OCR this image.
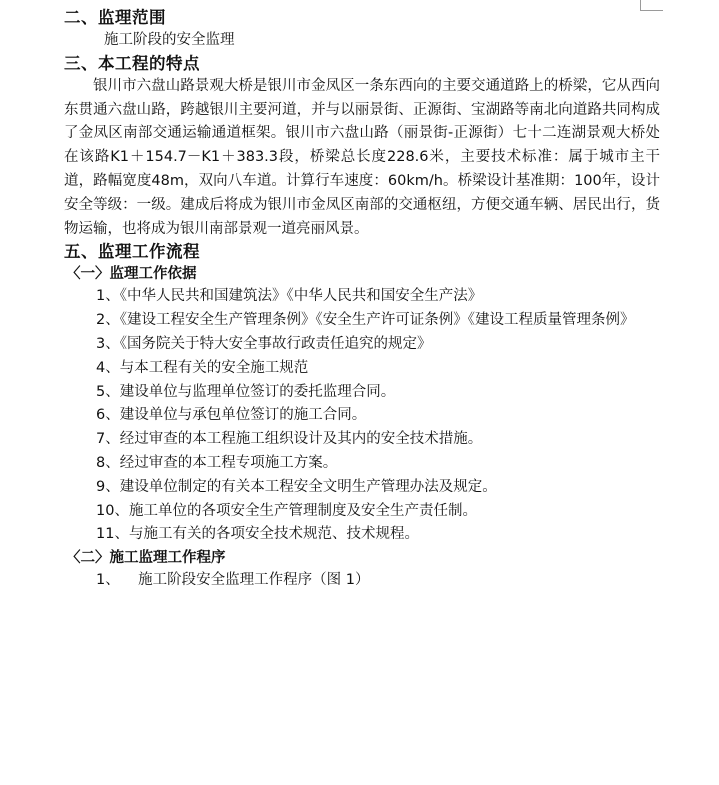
二、监理范围
施工阶段的安全监理
三、本工程的特点
银川市六盘山路景观大桥是银川市金凤区一条东西向的主要交通道路上的桥梁，它从西向东贯通六盘山路，跨越银川主要河道，并与以丽景街、正源街、宝湖路等南北向道路共同构成了金凤区南部交通运输通道框架。银川市六盘山路（丽景街-正源街）七十二连湖景观大桥处在该路K1＋154.7－K1＋383.3段，桥梁总长度228.6米，主要技术标准：属于城市主干道，路幅宽度48m，双向八车道。计算行车速度：60km/h。桥梁设计基准期：100年，设计安全等级：一级。建成后将成为银川市金凤区南部的交通枢纽，方便交通车辆、居民出行，货物运输，也将成为银川南部景观一道亮丽风景。
五、监理工作流程
〈一〉监理工作依据
1、《中华人民共和国建筑法》《中华人民共和国安全生产法》
2、《建设工程安全生产管理条例》《安全生产许可证条例》《建设工程质量管理条例》
3、《国务院关于特大安全事故行政责任追究的规定》
4、与本工程有关的安全施工规范
5、建设单位与监理单位签订的委托监理合同。
6、建设单位与承包单位签订的施工合同。
7、经过审查的本工程施工组织设计及其内的安全技术措施。
8、经过审查的本工程专项施工方案。
9、建设单位制定的有关本工程安全文明生产管理办法及规定。
10、施工单位的各项安全生产管理制度及安全生产责任制。
11、与施工有关的各项安全技术规范、技术规程。
〈二〉施工监理工作程序
1、    施工阶段安全监理工作程序（图 1）
